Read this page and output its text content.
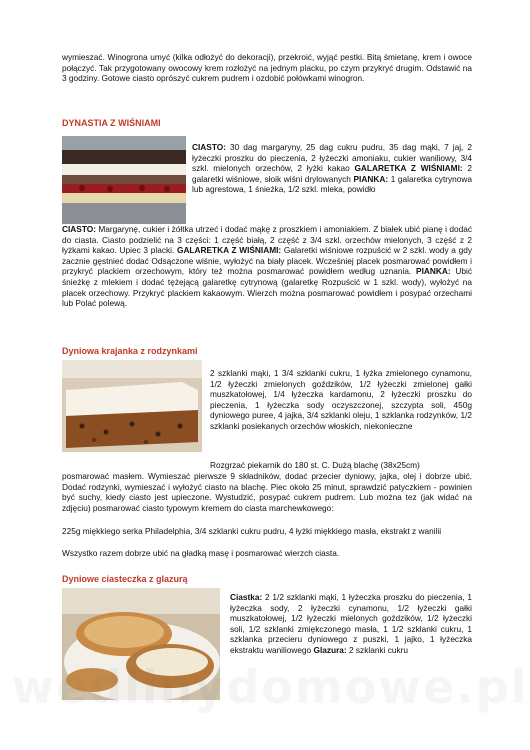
wymieszać. Winogrona umyć (kilka odłożyć do dekoracji), przekroić, wyjąć pestki. Bitą śmietanę, krem i owoce połączyć. Tak przygotowany owocowy krem rozłożyć na jednym placku, po czym przykryć drugim. Odstawić na 3 godziny. Gotowe ciasto oprószyć cukrem pudrem i ozdobić połówkami winogron.

DYNASTIA Z WIŚNIAMI

CIASTO: 30 dag margaryny, 25 dag cukru pudru, 35 dag mąki, 7 jaj, 2 łyżeczki proszku do pieczenia, 2 łyżeczki amoniaku, cukier waniliowy, 3/4 szkl. mielonych orzechów, 2 łyżki kakao GALARETKA Z WIŚNIAMI: 2 galaretki wiśniowe, słoik wiśni drylowanych PIANKA: 1 galaretka cytrynowa lub agrestowa, 1 śnieżka, 1/2 szkl. mleka, powidło

CIASTO: Margarynę, cukier i żółtka utrzeć i dodać mąkę z proszkiem i amoniakiem. Z białek ubić pianę i dodać do ciasta. Ciasto podzielić na 3 części: 1 część białą, 2 część z 3/4 szkl. orzechów mielonych, 3 część z 2 łyżkami kakao. Upiec 3 placki. GALARETKA Z WIŚNIAMI: Galaretki wiśniowe rozpuścić w 2 szkl. wody a gdy zacznie gęstnieć dodać Odsączone wiśnie, wyłożyć na biały placek. Wcześniej placek posmarować powidłem i przykryć plackiem orzechowym, który też można posmarować powidłem według uznania. PIANKA: Ubić śnieżkę z mlekiem i dodać tężejącą galaretkę cytrynową (galaretkę Rozpuścić w 1 szkl. wody), wyłożyć na placek orzechowy. Przykryć plackiem kakaowym. Wierzch można posmarować powidłem i posypać orzechami lub Polać polewą.

Dyniowa krajanka z rodzynkami

2 szklanki mąki, 1 3/4 szklanki cukru, 1 łyżka zmielonego cynamonu, 1/2 łyżeczki zmielonych goździków, 1/2 łyżeczki zmielonej gałki muszkatołowej, 1/4 łyżeczka kardamonu, 2 łyżeczki proszku do pieczenia, 1 łyżeczka sody oczyszczonej, szczypta soli, 450g dyniowego puree, 4 jajka, 3/4 szklanki oleju, 1 szklanka rodzynków, 1/2 szklanki posiekanych orzechów włoskich, niekonieczne

Rozgrzać piekarnik do 180 st. C. Dużą blachę (38x25cm)

posmarować masłem. Wymieszać pierwsze 9 składników, dodać przecier dyniowy, jajka, olej i dobrze ubić. Dodać rodzynki, wymieszać i wyłożyć ciasto na blachę. Piec około 25 minut, sprawdzić patyczkiem - powinien być suchy, kiedy ciasto jest upieczone. Wystudzić, posypać cukrem pudrem. Lub można tez (jak widać na zdjęciu) posmarować ciasto typowym kremem do ciasta marchewkowego:

225g miękkiego serka Philadelphia, 3/4 szklanki cukru pudru, 4 łyżki miękkiego masła, ekstrakt z wanilii

Wszystko razem dobrze ubić na gładką masę i posmarować wierzch ciasta.

Dyniowe ciasteczka z glazurą

Ciastka: 2 1/2 szklanki mąki, 1 łyżeczka proszku do pieczenia, 1 łyżeczka sody, 2 łyżeczki cynamonu, 1/2 łyżeczki gałki muszkatołowej, 1/2 łyżeczki mielonych goździków, 1/2 łyżeczki soli, 1/2 szklanki zmiękczonego masła, 1 1/2 szklanki cukru, 1 szklanka przecieru dyniowego z puszki, 1 jajko, 1 łyżeczka ekstraktu waniliowego Glazura: 2 szklanki cukru

wedlinydomowe.pl
